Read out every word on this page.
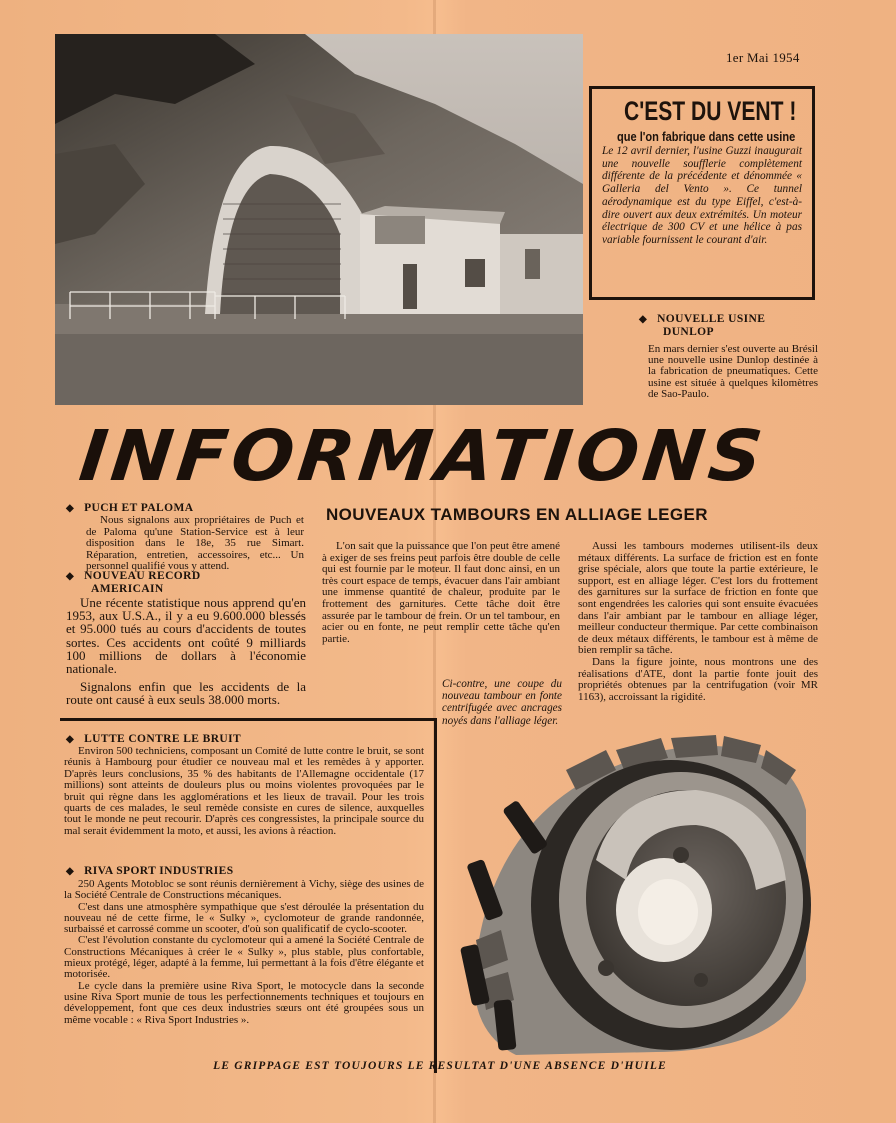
1er Mai 1954
C'EST DU VENT !
que l'on fabrique dans cette usine
Le 12 avril dernier, l'usine Guzzi inaugurait une nouvelle soufflerie complètement différente de la précédente et dénommée « Galleria del Vento ». Ce tunnel aérodynamique est du type Eiffel, c'est-à-dire ouvert aux deux extrémités. Un moteur électrique de 300 CV et une hélice à pas variable fournissent le courant d'air.
◆ NOUVELLE USINE
DUNLOP
En mars dernier s'est ouverte au Brésil une nouvelle usine Dunlop destinée à la fabrication de pneumatiques. Cette usine est située à quelques kilomètres de Sao-Paulo.
INFORMATIONS
◆ PUCH ET PALOMA
Nous signalons aux propriétaires de Puch et de Paloma qu'une Station-Service est à leur disposition dans le 18e, 35 rue Simart. Réparation, entretien, accessoires, etc... Un personnel qualifié vous y attend.
◆ NOUVEAU RECORD
AMERICAIN

Une récente statistique nous apprend qu'en 1953, aux U.S.A., il y a eu 9.600.000 blessés et 95.000 tués au cours d'accidents de toutes sortes. Ces accidents ont coûté 9 milliards 100 millions de dollars à l'économie nationale.

Signalons enfin que les accidents de la route ont causé à eux seuls 38.000 morts.

NOUVEAUX TAMBOURS EN ALLIAGE LEGER
L'on sait que la puissance que l'on peut être amené à exiger de ses freins peut parfois être double de celle qui est fournie par le moteur. Il faut donc ainsi, en un très court espace de temps, évacuer dans l'air ambiant une immense quantité de chaleur, produite par le frottement des garnitures. Cette tâche doit être assurée par le tambour de frein. Or un tel tambour, en acier ou en fonte, ne peut remplir cette tâche qu'en partie.

Aussi les tambours modernes utilisent-ils deux métaux différents. La surface de friction est en fonte grise spéciale, alors que toute la partie extérieure, le support, est en alliage léger. C'est lors du frottement des garnitures sur la surface de friction en fonte que sont engendrées les calories qui sont ensuite évacuées dans l'air ambiant par le tambour en alliage léger, meilleur conducteur thermique. Par cette combinaison de deux métaux différents, le tambour est à même de bien remplir sa tâche.

Dans la figure jointe, nous montrons une des réalisations d'ATE, dont la partie fonte jouit des propriétés obtenues par la centrifugation (voir MR 1163), accroissant la rigidité.

Ci-contre, une coupe du nouveau tambour en fonte centrifugée avec ancrages noyés dans l'alliage léger.
◆ LUTTE CONTRE LE BRUIT
Environ 500 techniciens, composant un Comité de lutte contre le bruit, se sont réunis à Hambourg pour étudier ce nouveau mal et les remèdes à y apporter. D'après leurs conclusions, 35 % des habitants de l'Allemagne occidentale (17 millions) sont atteints de douleurs plus ou moins violentes provoquées par le bruit qui règne dans les agglomérations et les lieux de travail. Pour les trois quarts de ces malades, le seul remède consiste en cures de silence, auxquelles tout le monde ne peut recourir. D'après ces congressistes, la principale source du mal serait évidemment la moto, et aussi, les avions à réaction.
◆ RIVA SPORT INDUSTRIES

250 Agents Motobloc se sont réunis dernièrement à Vichy, siège des usines de la Société Centrale de Constructions mécaniques.

C'est dans une atmosphère sympathique que s'est déroulée la présentation du nouveau né de cette firme, le « Sulky », cyclomoteur de grande randonnée, surbaissé et carrossé comme un scooter, d'où son qualificatif de cyclo-scooter.

C'est l'évolution constante du cyclomoteur qui a amené la Société Centrale de Constructions Mécaniques à créer le « Sulky », plus stable, plus confortable, mieux protégé, léger, adapté à la femme, lui permettant à la fois d'être élégante et motorisée.

Le cycle dans la première usine Riva Sport, le motocycle dans la seconde usine Riva Sport munie de tous les perfectionnements techniques et toujours en développement, font que ces deux industries sœurs ont été groupées sous un même vocable : « Riva Sport Industries ».

LE GRIPPAGE EST TOUJOURS LE RESULTAT D'UNE ABSENCE D'HUILE
